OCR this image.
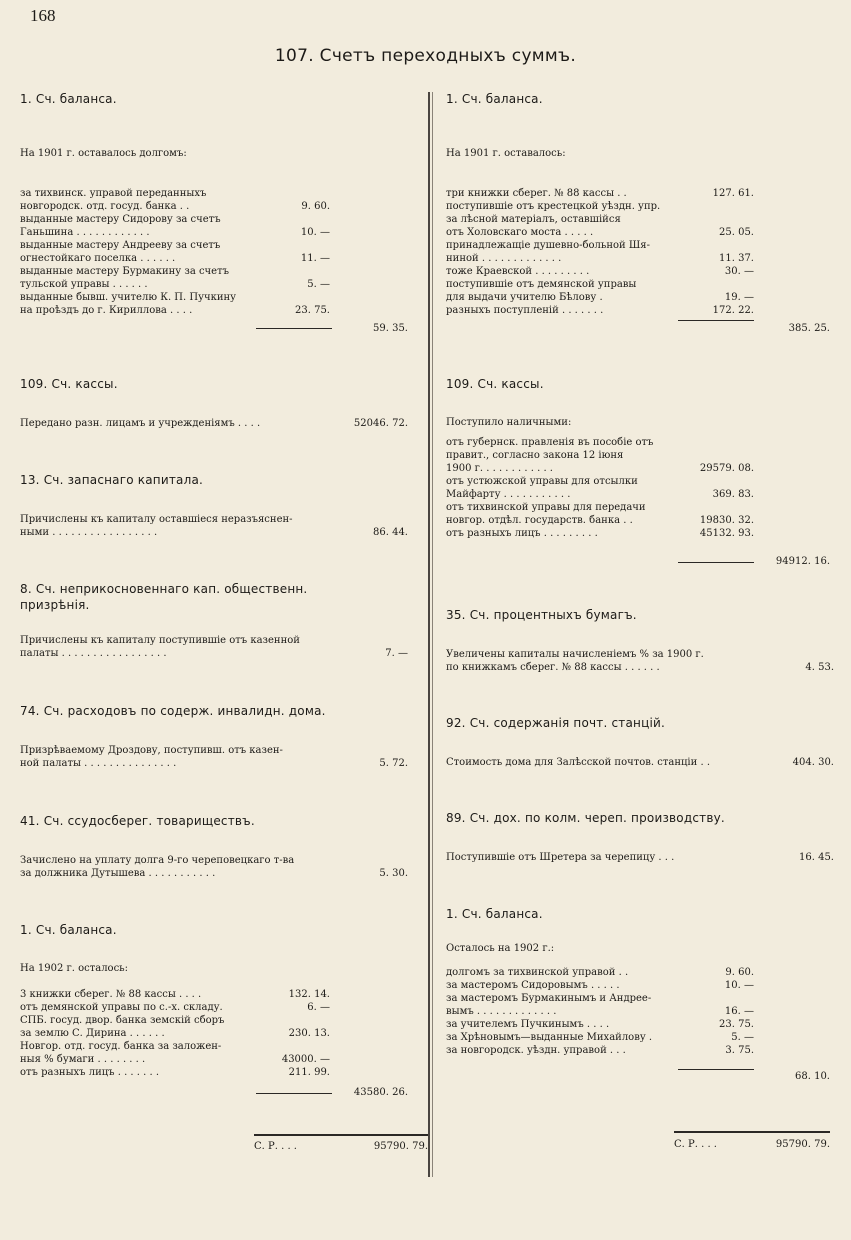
168
107. Счетъ переходныхъ суммъ.
1. Сч. баланса.
На 1901 г. оставалось долгомъ:
за тихвинск. управой переданныхъ
новгородск. отд. госуд. банка . .	9. 60.
выданные мастеру Сидорову за счетъ
Ганьшина . . . . . . . . . . . .	10. —
выданные мастеру Андрееву за счетъ
огнестойкаго поселка . . . . . .	11. —
выданные мастеру Бурмакину за счетъ
тульской управы . . . . . .	5. —
выданные бывш. учителю К. П. Пучкину
на проѣздъ до г. Кириллова . . . .	23. 75.
59. 35.
109. Сч. кассы.
Передано разн. лицамъ и учрежденіямъ . . . .	52046. 72.
13. Сч. запаснаго капитала.
Причислены къ капиталу оставшіеся неразъяснен-
ными . . . . . . . . . . . . . . . . .	86. 44.
8. Сч. неприкосновеннаго кап. общественн.
призрѣнія.
Причислены къ капиталу поступившіе отъ казенной
палаты . . . . . . . . . . . . . . . . .	7. —
74. Сч. расходовъ по содерж. инвалидн. дома.
Призрѣваемому Дроздову, поступивш. отъ казен-
ной палаты . . . . . . . . . . . . . . .	5. 72.
41. Сч. ссудосберег. товариществъ.
Зачислено на уплату долга 9-го череповецкаго т-ва
за должника Дутышева . . . . . . . . . . .	5. 30.
1. Сч. баланса.
На 1902 г. осталось:
3 книжки сберег. № 88 кассы . . . .	132. 14.
отъ демянской управы по с.-х. складу.	6. —
СПБ. госуд. двор. банка земскій сборъ
за землю С. Дирина . . . . . .	230. 13.
Новгор. отд. госуд. банка за заложен-
ныя % бумаги . . . . . . . .	43000. —
отъ разныхъ лицъ . . . . . . .	211. 99.
43580. 26.
С. Р. . . .	95790. 79.
1. Сч. баланса.
На 1901 г. оставалось:
три книжки сберег. № 88 кассы . .	127. 61.
поступившіе отъ крестецкой уѣздн. упр.
за лѣсной матеріалъ, оставшійся
отъ Холовскаго моста . . . . .	25. 05.
принадлежащіе душевно-больной Шя-
ниной . . . . . . . . . . . . .	11. 37.
тоже Краевской . . . . . . . . .	30. —
поступившіе отъ демянской управы
для выдачи учителю Бѣлову .	19. —
разныхъ поступленій . . . . . . .	172. 22.
385. 25.
109. Сч. кассы.
Поступило наличными:
отъ губернск. правленія въ пособіе отъ
правит., согласно закона 12 іюня
1900 г. . . . . . . . . . . .	29579. 08.
отъ устюжской управы для отсылки
Майфарту . . . . . . . . . . .	369. 83.
отъ тихвинской управы для передачи
новгор. отдѣл. государств. банка . .	19830. 32.
отъ разныхъ лицъ . . . . . . . . .	45132. 93.
94912. 16.
35. Сч. процентныхъ бумагъ.
Увеличены капиталы начисленіемъ % за 1900 г.
по книжкамъ сберег. № 88 кассы . . . . . .	4. 53.
92. Сч. содержанія почт. станцій.
Стоимость дома для Залѣсской почтов. станціи . .	404. 30.
89. Сч. дох. по колм. череп. производству.
Поступившіе отъ Шретера за черепицу . . .	16. 45.
1. Сч. баланса.
Осталось на 1902 г.:
долгомъ за тихвинской управой . .	9. 60.
за мастеромъ Сидоровымъ . . . . .	10. —
за мастеромъ Бурмакинымъ и Андрее-
вымъ . . . . . . . . . . . . .	16. —
за учителемъ Пучкинымъ . . . .	23. 75.
за Хрѣновымъ—выданные Михайлову .	5. —
за новгородск. уѣздн. управой . . .	3. 75.
68. 10.
С. Р. . . .	95790. 79.
